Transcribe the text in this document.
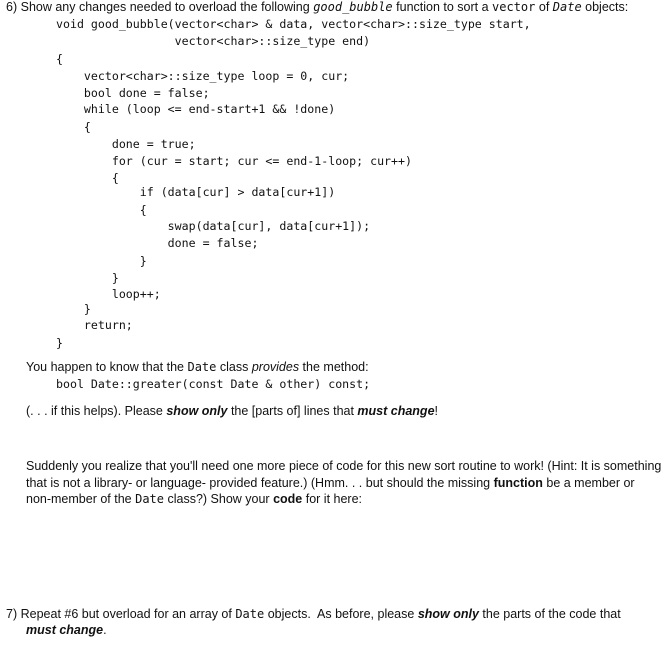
6) Show any changes needed to overload the following good_bubble function to sort a vector of Date objects:
void good_bubble(vector<char> & data, vector<char>::size_type start,
vector<char>::size_type end)
{
vector<char>::size_type loop = 0, cur;
bool done = false;
while (loop <= end-start+1 && !done)
{
done = true;
for (cur = start; cur <= end-1-loop; cur++)
{
if (data[cur] > data[cur+1])
{
swap(data[cur], data[cur+1]);
done = false;
}
}
loop++;
}
return;
}
You happen to know that the Date class provides the method:
bool Date::greater(const Date & other) const;
(. . . if this helps). Please show only the [parts of] lines that must change!
Suddenly you realize that you'll need one more piece of code for this new sort routine to work! (Hint: It is something
that is not a library- or language- provided feature.) (Hmm. . . but should the missing function be a member or
non-member of the Date class?) Show your code for it here:
7) Repeat #6 but overload for an array of Date objects.  As before, please show only the parts of the code that
must change.
